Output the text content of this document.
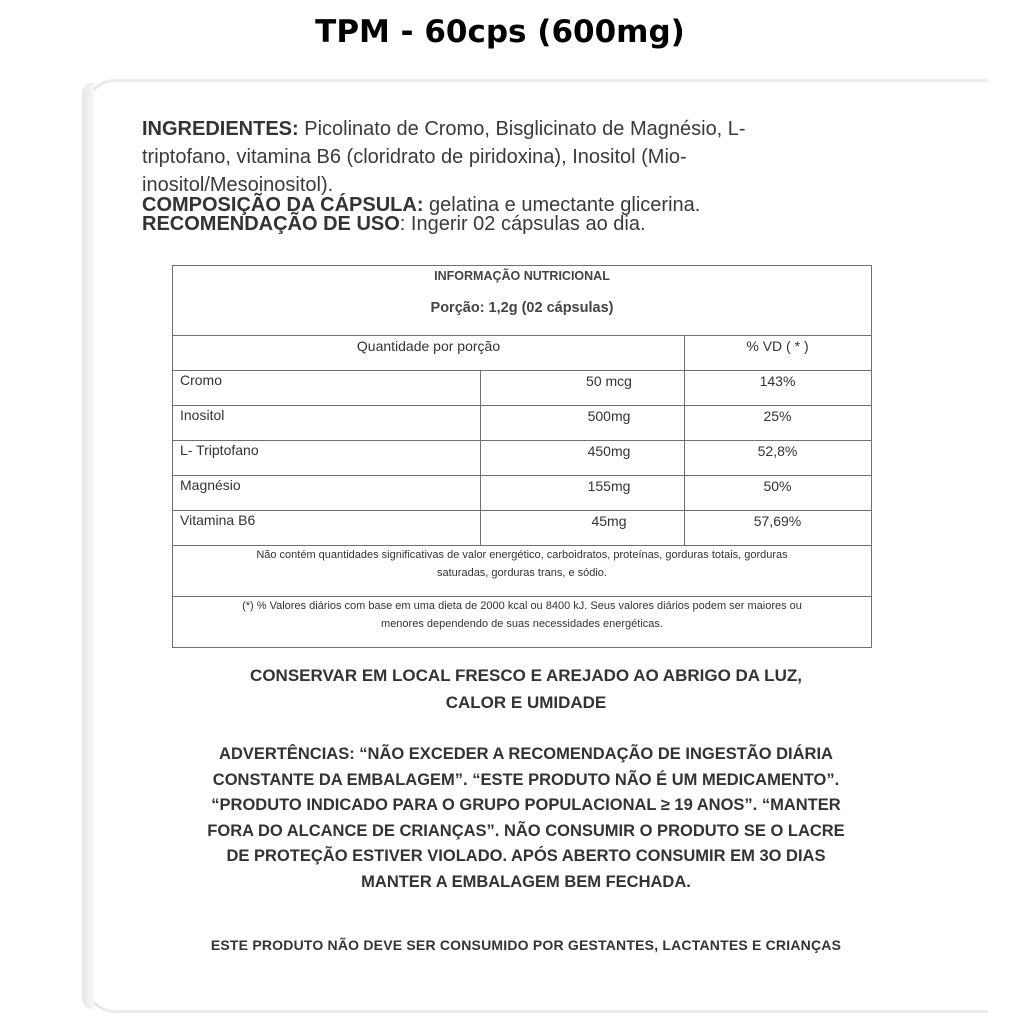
TPM - 60cps (600mg)
INGREDIENTES: Picolinato de Cromo, Bisglicinato de Magnésio, L-
triptofano, vitamina B6 (cloridrato de piridoxina), Inositol (Mio-
inositol/Mesoinositol).
COMPOSIÇÃO DA CÁPSULA: gelatina e umectante glicerina.
RECOMENDAÇÃO DE USO: Ingerir 02 cápsulas ao dia.
INFORMAÇÃO NUTRICIONAL
Porção: 1,2g (02 cápsulas)
Quantidade por porção	% VD ( * )
Cromo	50 mcg	143%
Inositol	500mg	25%
L- Triptofano	450mg	52,8%
Magnésio	155mg	50%
Vitamina B6	45mg	57,69%
Não contém quantidades significativas de valor energético, carboidratos, proteínas, gorduras totais, gorduras
saturadas, gorduras trans, e sódio.
(*) % Valores diários com base em uma dieta de 2000 kcal ou 8400 kJ. Seus valores diários podem ser maiores ou
menores dependendo de suas necessidades energéticas.
CONSERVAR EM LOCAL FRESCO E AREJADO AO ABRIGO DA LUZ,
CALOR E UMIDADE
ADVERTÊNCIAS: “NÃO EXCEDER A RECOMENDAÇÃO DE INGESTÃO DIÁRIA
CONSTANTE DA EMBALAGEM”. “ESTE PRODUTO NÃO É UM MEDICAMENTO”.
“PRODUTO INDICADO PARA O GRUPO POPULACIONAL ≥ 19 ANOS”. “MANTER
FORA DO ALCANCE DE CRIANÇAS”. NÃO CONSUMIR O PRODUTO SE O LACRE
DE PROTEÇÃO ESTIVER VIOLADO. APÓS ABERTO CONSUMIR EM 3O DIAS
MANTER A EMBALAGEM BEM FECHADA.
ESTE PRODUTO NÃO DEVE SER CONSUMIDO POR GESTANTES, LACTANTES E CRIANÇAS
